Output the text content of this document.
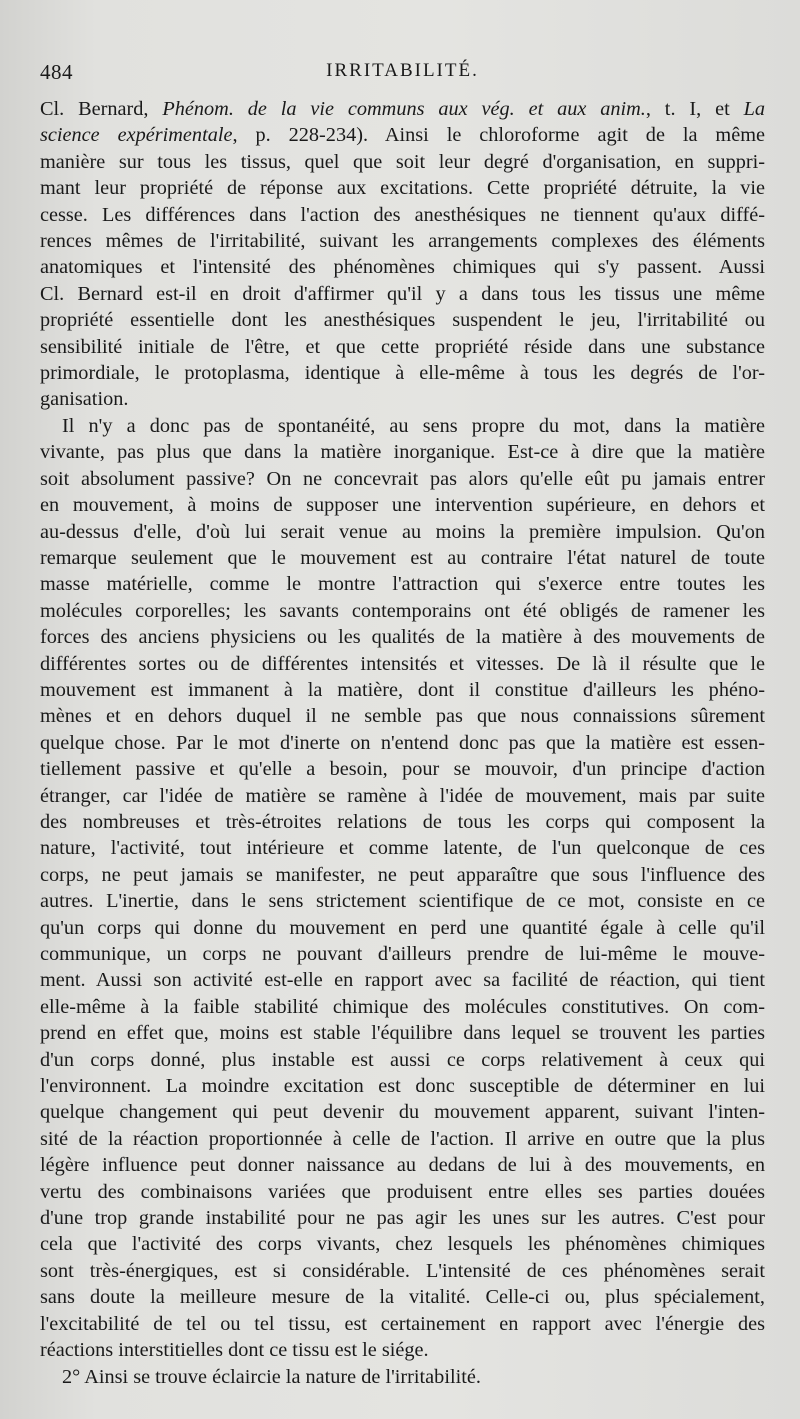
484	IRRITABILITÉ.

Cl. Bernard, Phénom. de la vie communs aux vég. et aux anim., t. I, et La
science expérimentale, p. 228-234). Ainsi le chloroforme agit de la même
manière sur tous les tissus, quel que soit leur degré d'organisation, en suppri-
mant leur propriété de réponse aux excitations. Cette propriété détruite, la vie
cesse. Les différences dans l'action des anesthésiques ne tiennent qu'aux diffé-
rences mêmes de l'irritabilité, suivant les arrangements complexes des éléments
anatomiques et l'intensité des phénomènes chimiques qui s'y passent. Aussi
Cl. Bernard est-il en droit d'affirmer qu'il y a dans tous les tissus une même
propriété essentielle dont les anesthésiques suspendent le jeu, l'irritabilité ou
sensibilité initiale de l'être, et que cette propriété réside dans une substance
primordiale, le protoplasma, identique à elle-même à tous les degrés de l'or-
ganisation.

Il n'y a donc pas de spontanéité, au sens propre du mot, dans la matière
vivante, pas plus que dans la matière inorganique. Est-ce à dire que la matière
soit absolument passive? On ne concevrait pas alors qu'elle eût pu jamais entrer
en mouvement, à moins de supposer une intervention supérieure, en dehors et
au-dessus d'elle, d'où lui serait venue au moins la première impulsion. Qu'on
remarque seulement que le mouvement est au contraire l'état naturel de toute
masse matérielle, comme le montre l'attraction qui s'exerce entre toutes les
molécules corporelles; les savants contemporains ont été obligés de ramener les
forces des anciens physiciens ou les qualités de la matière à des mouvements de
différentes sortes ou de différentes intensités et vitesses. De là il résulte que le
mouvement est immanent à la matière, dont il constitue d'ailleurs les phéno-
mènes et en dehors duquel il ne semble pas que nous connaissions sûrement
quelque chose. Par le mot d'inerte on n'entend donc pas que la matière est essen-
tiellement passive et qu'elle a besoin, pour se mouvoir, d'un principe d'action
étranger, car l'idée de matière se ramène à l'idée de mouvement, mais par suite
des nombreuses et très-étroites relations de tous les corps qui composent la
nature, l'activité, tout intérieure et comme latente, de l'un quelconque de ces
corps, ne peut jamais se manifester, ne peut apparaître que sous l'influence des
autres. L'inertie, dans le sens strictement scientifique de ce mot, consiste en ce
qu'un corps qui donne du mouvement en perd une quantité égale à celle qu'il
communique, un corps ne pouvant d'ailleurs prendre de lui-même le mouve-
ment. Aussi son activité est-elle en rapport avec sa facilité de réaction, qui tient
elle-même à la faible stabilité chimique des molécules constitutives. On com-
prend en effet que, moins est stable l'équilibre dans lequel se trouvent les parties
d'un corps donné, plus instable est aussi ce corps relativement à ceux qui
l'environnent. La moindre excitation est donc susceptible de déterminer en lui
quelque changement qui peut devenir du mouvement apparent, suivant l'inten-
sité de la réaction proportionnée à celle de l'action. Il arrive en outre que la plus
légère influence peut donner naissance au dedans de lui à des mouvements, en
vertu des combinaisons variées que produisent entre elles ses parties douées
d'une trop grande instabilité pour ne pas agir les unes sur les autres. C'est pour
cela que l'activité des corps vivants, chez lesquels les phénomènes chimiques
sont très-énergiques, est si considérable. L'intensité de ces phénomènes serait
sans doute la meilleure mesure de la vitalité. Celle-ci ou, plus spécialement,
l'excitabilité de tel ou tel tissu, est certainement en rapport avec l'énergie des
réactions interstitielles dont ce tissu est le siége.

2° Ainsi se trouve éclaircie la nature de l'irritabilité.
